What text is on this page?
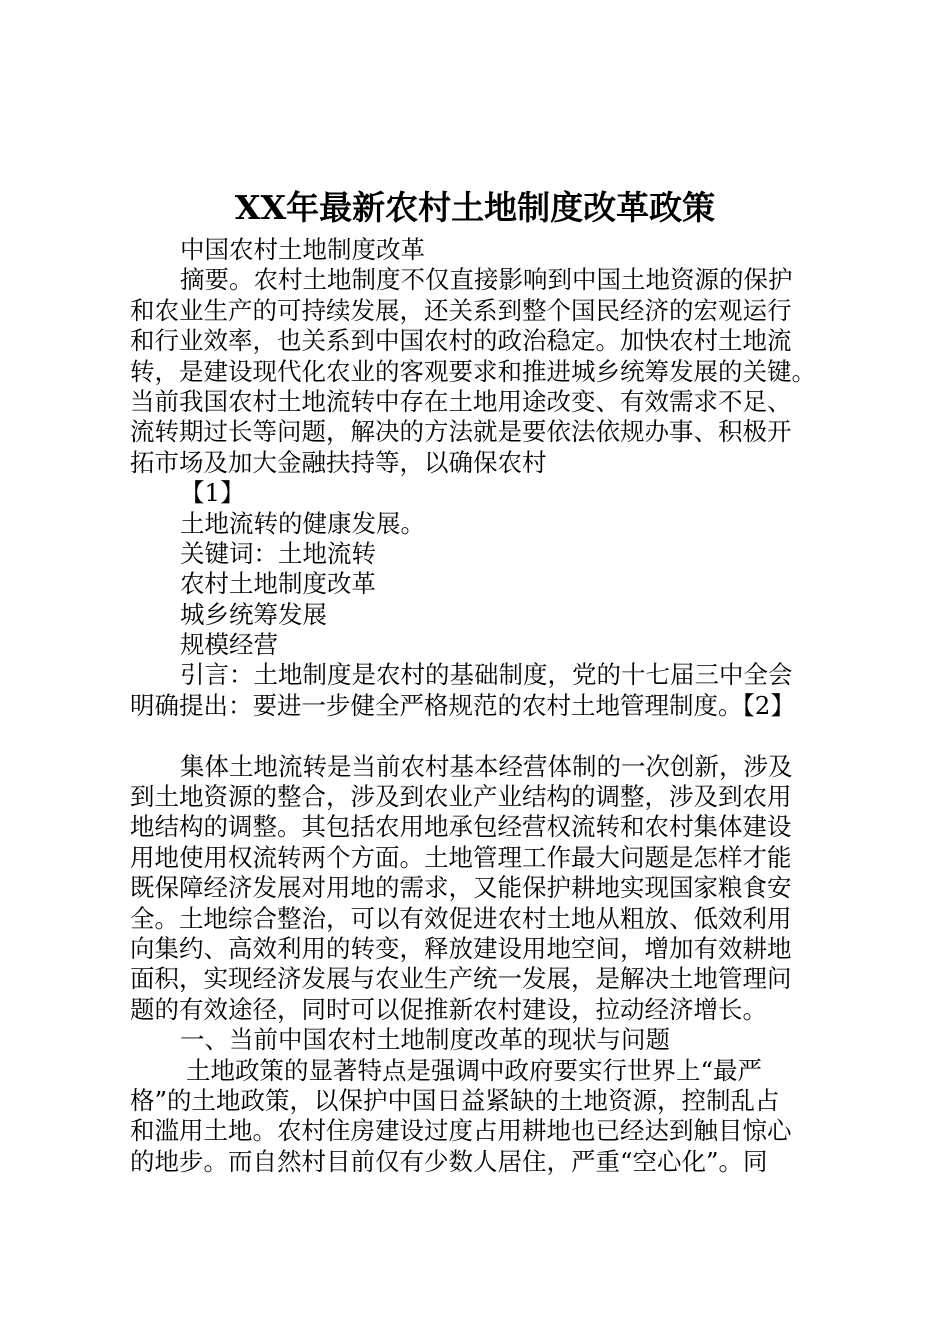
XX年最新农村土地制度改革政策
中国农村土地制度改革
摘要。农村土地制度不仅直接影响到中国土地资源的保护
和农业生产的可持续发展，还关系到整个国民经济的宏观运行
和行业效率，也关系到中国农村的政治稳定。加快农村土地流
转，是建设现代化农业的客观要求和推进城乡统筹发展的关键。
当前我国农村土地流转中存在土地用途改变、有效需求不足、
流转期过长等问题，解决的方法就是要依法依规办事、积极开
拓市场及加大金融扶持等，以确保农村
【1】
土地流转的健康发展。
关键词：土地流转
农村土地制度改革
城乡统筹发展
规模经营
引言：土地制度是农村的基础制度，党的十七届三中全会
明确提出：要进一步健全严格规范的农村土地管理制度。【2】
集体土地流转是当前农村基本经营体制的一次创新，涉及
到土地资源的整合，涉及到农业产业结构的调整，涉及到农用
地结构的调整。其包括农用地承包经营权流转和农村集体建设
用地使用权流转两个方面。土地管理工作最大问题是怎样才能
既保障经济发展对用地的需求，又能保护耕地实现国家粮食安
全。土地综合整治，可以有效促进农村土地从粗放、低效利用
向集约、高效利用的转变，释放建设用地空间，增加有效耕地
面积，实现经济发展与农业生产统一发展，是解决土地管理问
题的有效途径，同时可以促推新农村建设，拉动经济增长。
一、当前中国农村土地制度改革的现状与问题
土地政策的显著特点是强调中政府要实行世界上“最严
格”的土地政策，以保护中国日益紧缺的土地资源，控制乱占
和滥用土地。农村住房建设过度占用耕地也已经达到触目惊心
的地步。而自然村目前仅有少数人居住，严重“空心化”。同
